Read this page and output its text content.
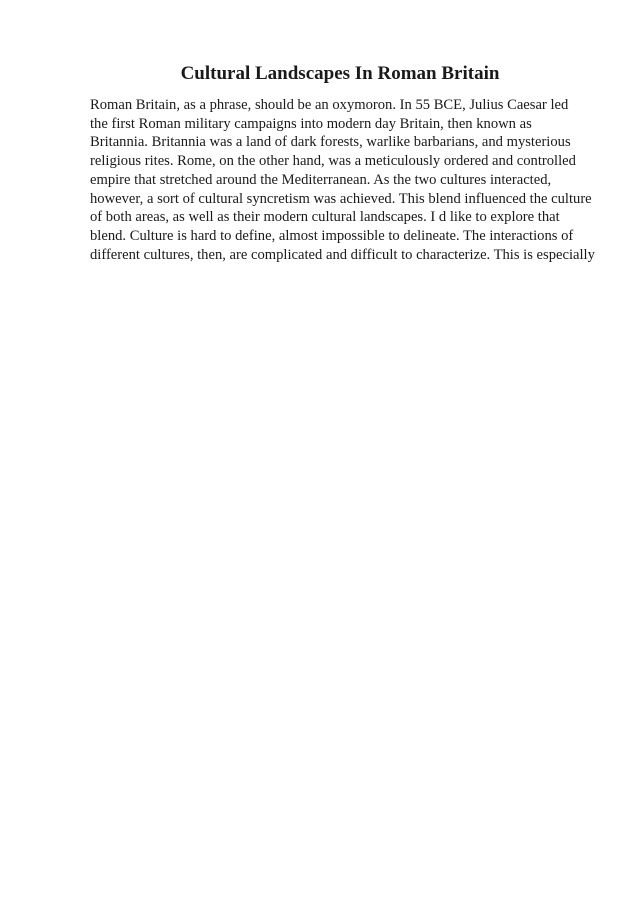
Cultural Landscapes In Roman Britain

Roman Britain, as a phrase, should be an oxymoron. In 55 BCE, Julius Caesar led
the first Roman military campaigns into modern day Britain, then known as
Britannia. Britannia was a land of dark forests, warlike barbarians, and mysterious
religious rites. Rome, on the other hand, was a meticulously ordered and controlled
empire that stretched around the Mediterranean. As the two cultures interacted,
however, a sort of cultural syncretism was achieved. This blend influenced the culture
of both areas, as well as their modern cultural landscapes. I d like to explore that
blend. Culture is hard to define, almost impossible to delineate. The interactions of
different cultures, then, are complicated and difficult to characterize. This is especially
